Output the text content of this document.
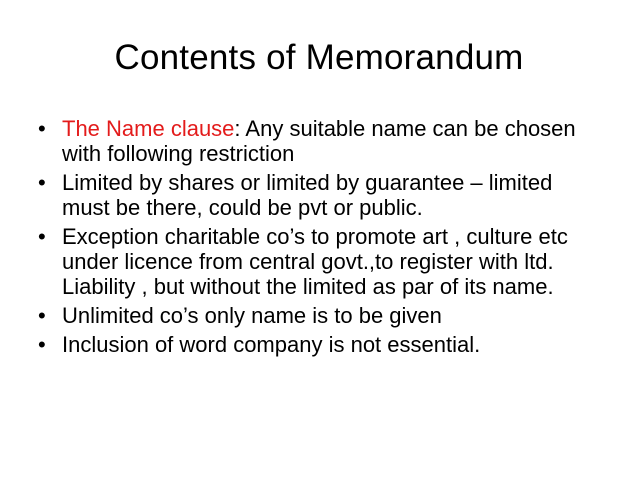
Contents of Memorandum
• The Name clause: Any suitable name can be chosen with following restriction
• Limited by shares or limited by guarantee – limited must be there, could be pvt or public.
• Exception charitable co’s to promote art , culture etc under licence from central govt.,to register with ltd. Liability , but without the limited as par of its name.
• Unlimited co’s only name is to be given
• Inclusion of word company is not essential.
